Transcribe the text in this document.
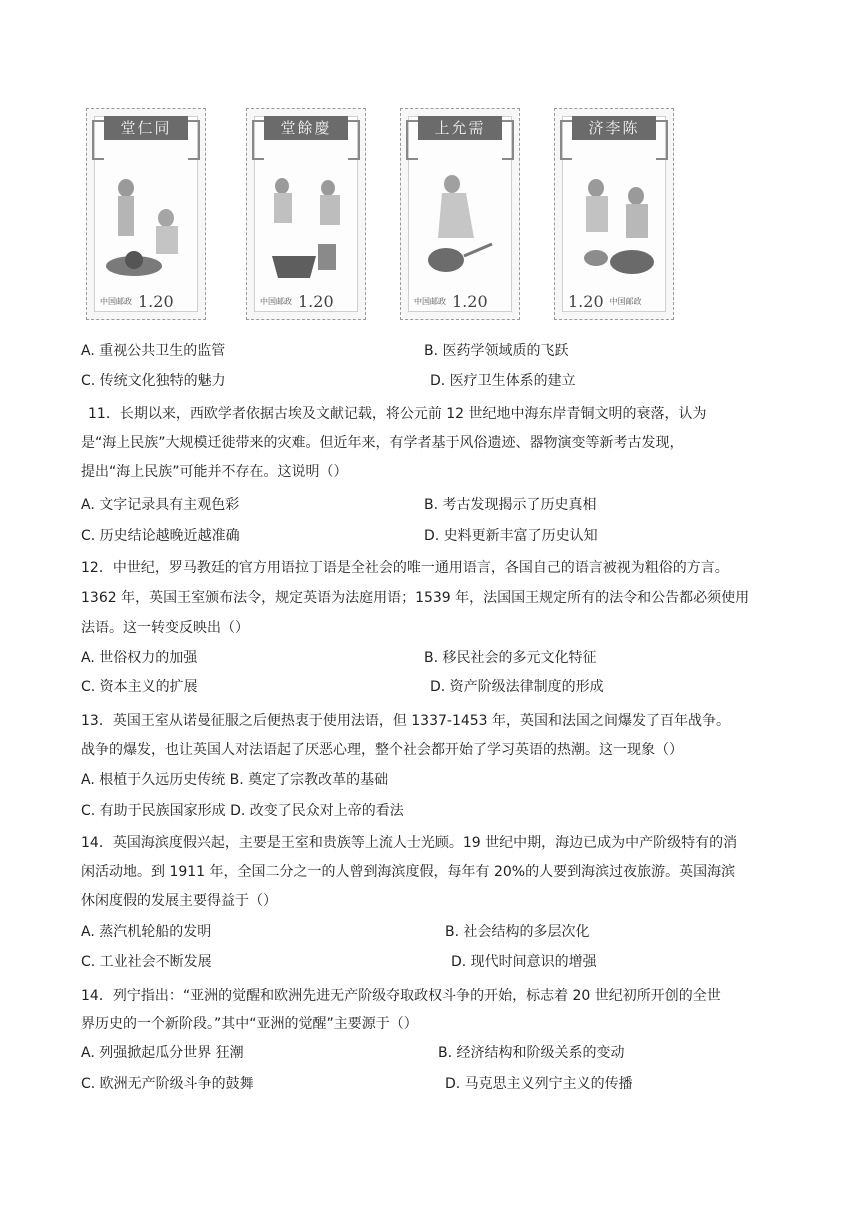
堂仁同
中国邮政 1.20
堂餘慶
中国邮政 1.20
上允需
中国邮政 1.20
济李陈
1.20 中国邮政
A. 重视公共卫生的监管	B. 医药学领域质的飞跃
C. 传统文化独特的魅力	D. 医疗卫生体系的建立
11．长期以来，西欧学者依据古埃及文献记载，将公元前 12 世纪地中海东岸青铜文明的衰落，认为
是“海上民族”大规模迁徙带来的灾难。但近年来，有学者基于风俗遗迹、器物演变等新考古发现，
提出“海上民族”可能并不存在。这说明（）
A. 文字记录具有主观色彩	B. 考古发现揭示了历史真相
C. 历史结论越晚近越准确	D. 史料更新丰富了历史认知
12．中世纪，罗马教廷的官方用语拉丁语是全社会的唯一通用语言，各国自己的语言被视为粗俗的方言。
1362 年，英国王室颁布法令，规定英语为法庭用语；1539 年，法国国王规定所有的法令和公告都必须使用
法语。这一转变反映出（）
A. 世俗权力的加强	B. 移民社会的多元文化特征
C. 资本主义的扩展	D. 资产阶级法律制度的形成
13．英国王室从诺曼征服之后便热衷于使用法语，但 1337-1453 年，英国和法国之间爆发了百年战争。
战争的爆发，也让英国人对法语起了厌恶心理，整个社会都开始了学习英语的热潮。这一现象（）
A. 根植于久远历史传统 B. 奠定了宗教改革的基础
C. 有助于民族国家形成 D. 改变了民众对上帝的看法
14．英国海滨度假兴起，主要是王室和贵族等上流人士光顾。19 世纪中期，海边已成为中产阶级特有的消
闲活动地。到 1911 年，全国二分之一的人曾到海滨度假，每年有 20%的人要到海滨过夜旅游。英国海滨
休闲度假的发展主要得益于（）
A. 蒸汽机轮船的发明	B. 社会结构的多层次化
C. 工业社会不断发展	D. 现代时间意识的增强
14．列宁指出：“亚洲的觉醒和欧洲先进无产阶级夺取政权斗争的开始，标志着 20 世纪初所开创的全世
界历史的一个新阶段。”其中“亚洲的觉醒”主要源于（）
A. 列强掀起瓜分世界 狂潮	B. 经济结构和阶级关系的变动
C. 欧洲无产阶级斗争的鼓舞	D. 马克思主义列宁主义的传播
